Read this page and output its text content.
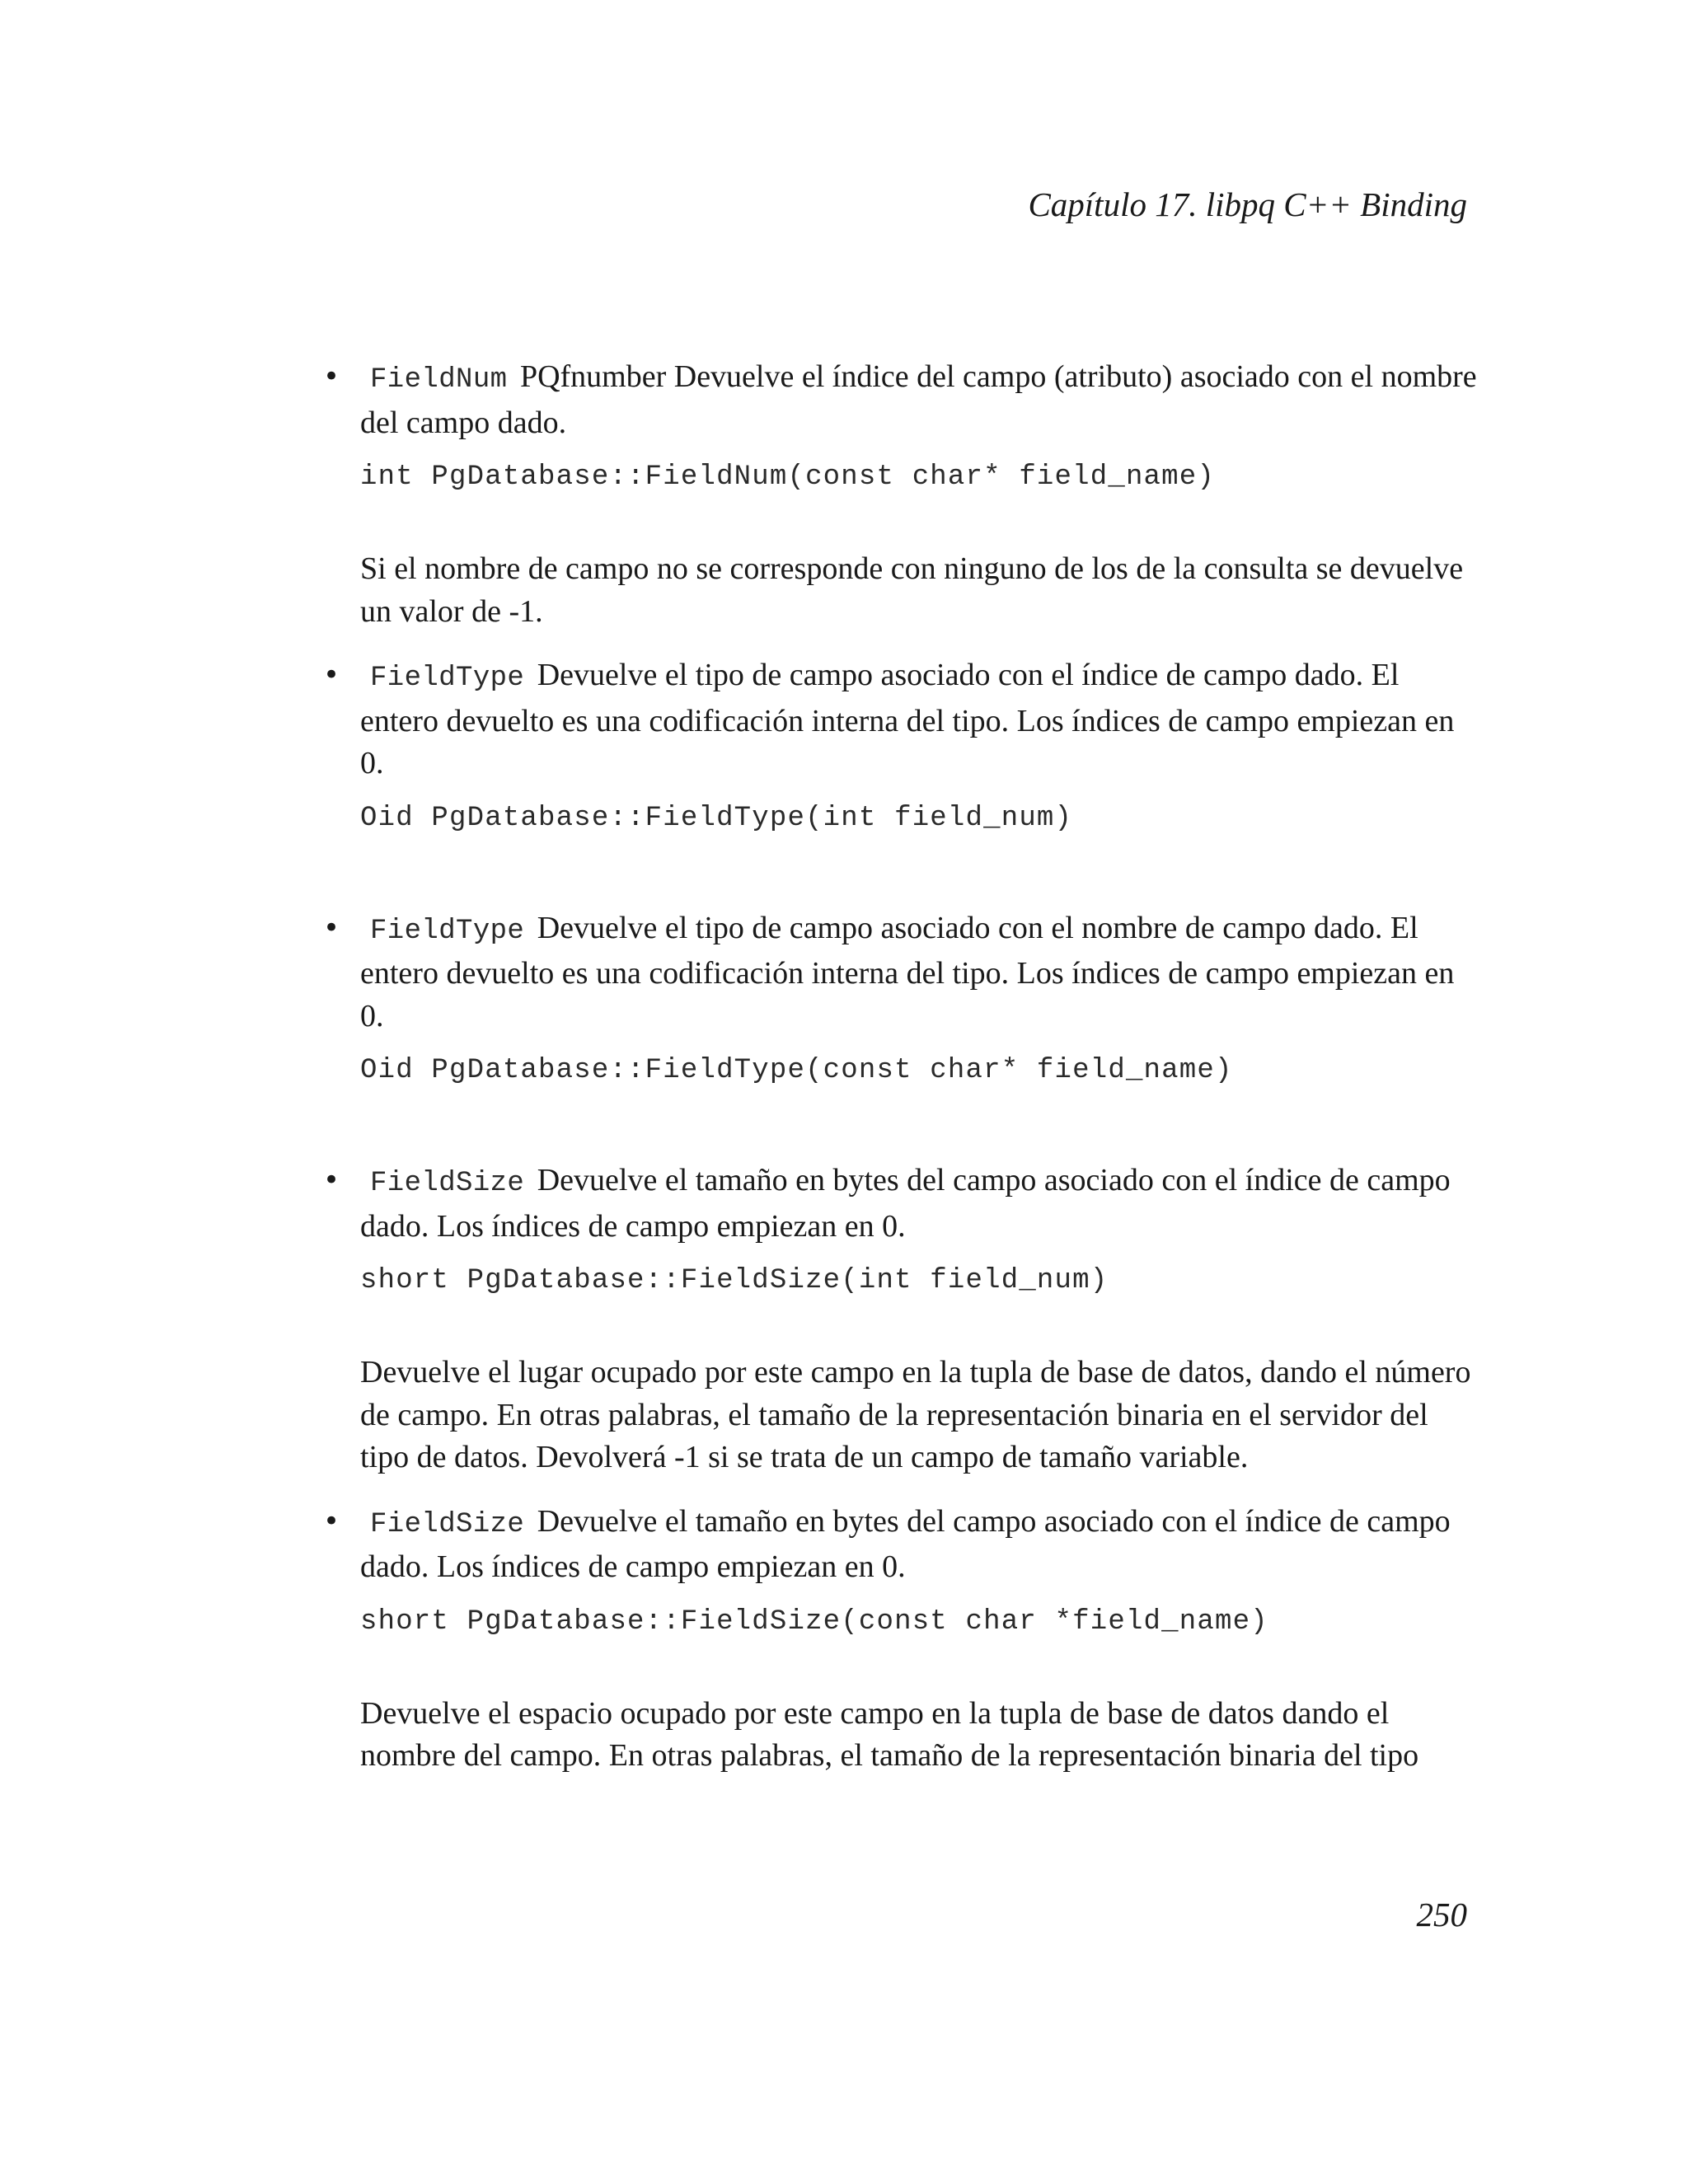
Capítulo 17. libpq C++ Binding
•	FieldNum PQfnumber Devuelve el índice del campo (atributo) asociado con el nombre del campo dado.

int PgDatabase::FieldNum(const char* field_name)

Si el nombre de campo no se corresponde con ninguno de los de la consulta se devuelve un valor de -1.

•	FieldType Devuelve el tipo de campo asociado con el índice de campo dado. El entero devuelto es una codificación interna del tipo. Los índices de campo empiezan en 0.

Oid PgDatabase::FieldType(int field_num)
•	FieldType Devuelve el tipo de campo asociado con el nombre de campo dado. El entero devuelto es una codificación interna del tipo. Los índices de campo empiezan en 0.

Oid PgDatabase::FieldType(const char* field_name)
•	FieldSize Devuelve el tamaño en bytes del campo asociado con el índice de campo dado. Los índices de campo empiezan en 0.

short PgDatabase::FieldSize(int field_num)

Devuelve el lugar ocupado por este campo en la tupla de base de datos, dando el número de campo. En otras palabras, el tamaño de la representación binaria en el servidor del tipo de datos. Devolverá -1 si se trata de un campo de tamaño variable.

•	FieldSize Devuelve el tamaño en bytes del campo asociado con el índice de campo dado. Los índices de campo empiezan en 0.

short PgDatabase::FieldSize(const char *field_name)

Devuelve el espacio ocupado por este campo en la tupla de base de datos dando el nombre del campo. En otras palabras, el tamaño de la representación binaria del tipo

250
